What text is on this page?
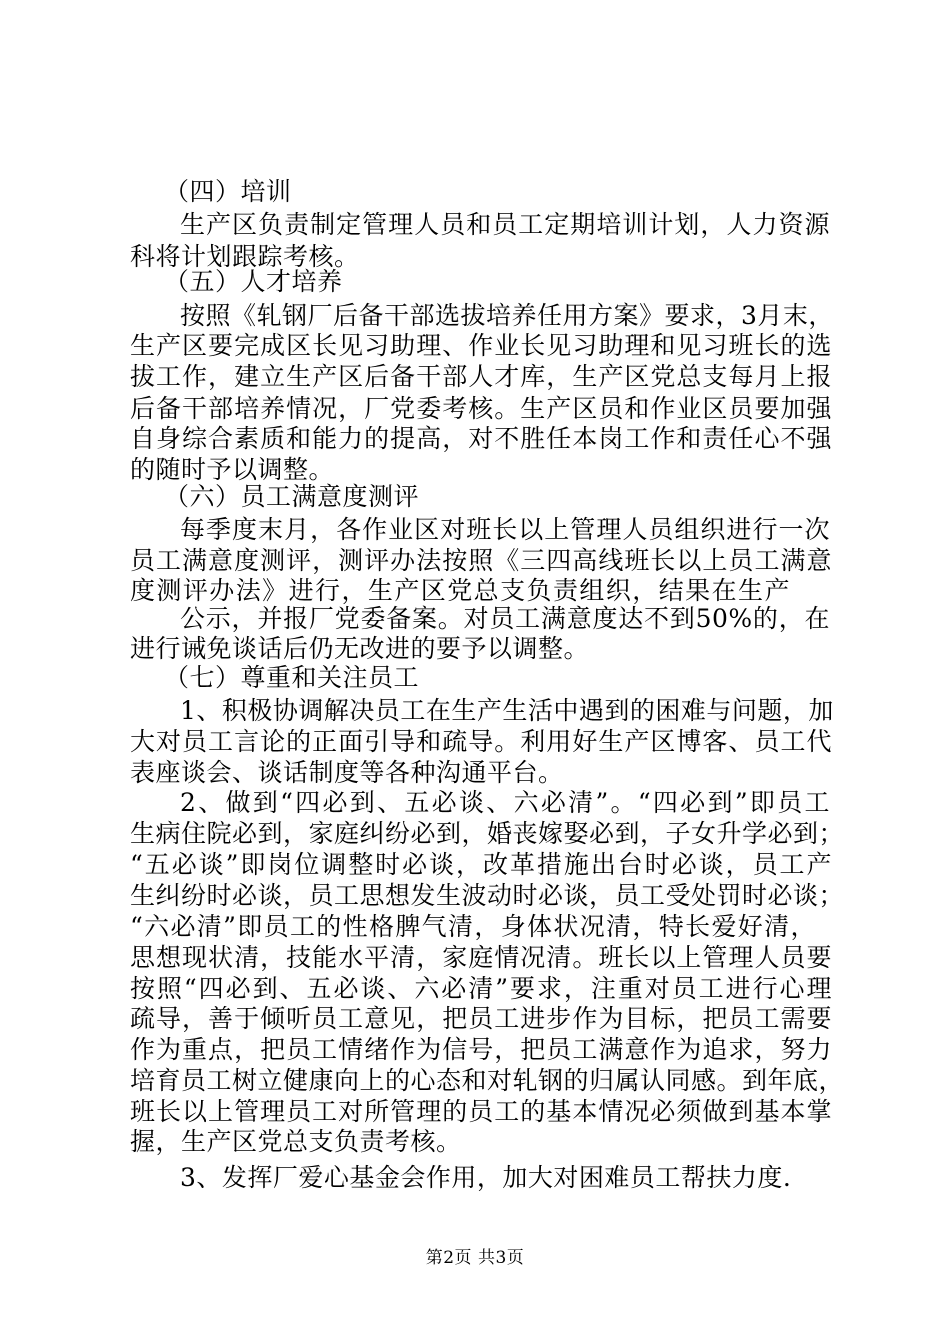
（四）培训
生产区负责制定管理人员和员工定期培训计划，人力资源
科将计划跟踪考核。
（五）人才培养
按照《轧钢厂后备干部选拔培养任用方案》要求，3月末，
生产区要完成区长见习助理、作业长见习助理和见习班长的选
拔工作，建立生产区后备干部人才库，生产区党总支每月上报
后备干部培养情况，厂党委考核。生产区员和作业区员要加强
自身综合素质和能力的提高，对不胜任本岗工作和责任心不强
的随时予以调整。
（六）员工满意度测评
每季度末月，各作业区对班长以上管理人员组织进行一次
员工满意度测评，测评办法按照《三四高线班长以上员工满意
度测评办法》进行，生产区党总支负责组织，结果在生产
公示，并报厂党委备案。对员工满意度达不到50%的，在
进行诫免谈话后仍无改进的要予以调整。
（七）尊重和关注员工
1、积极协调解决员工在生产生活中遇到的困难与问题，加
大对员工言论的正面引导和疏导。利用好生产区博客、员工代
表座谈会、谈话制度等各种沟通平台。
2、做到“四必到、五必谈、六必清”。“四必到”即员工
生病住院必到，家庭纠纷必到，婚丧嫁娶必到，子女升学必到；
“五必谈”即岗位调整时必谈，改革措施出台时必谈，员工产
生纠纷时必谈，员工思想发生波动时必谈，员工受处罚时必谈；
“六必清”即员工的性格脾气清，身体状况清，特长爱好清，
思想现状清，技能水平清，家庭情况清。班长以上管理人员要
按照“四必到、五必谈、六必清”要求，注重对员工进行心理
疏导，善于倾听员工意见，把员工进步作为目标，把员工需要
作为重点，把员工情绪作为信号，把员工满意作为追求，努力
培育员工树立健康向上的心态和对轧钢的归属认同感。到年底，
班长以上管理员工对所管理的员工的基本情况必须做到基本掌
握，生产区党总支负责考核。
3、发挥厂爱心基金会作用，加大对困难员工帮扶力度.
第2页 共3页
